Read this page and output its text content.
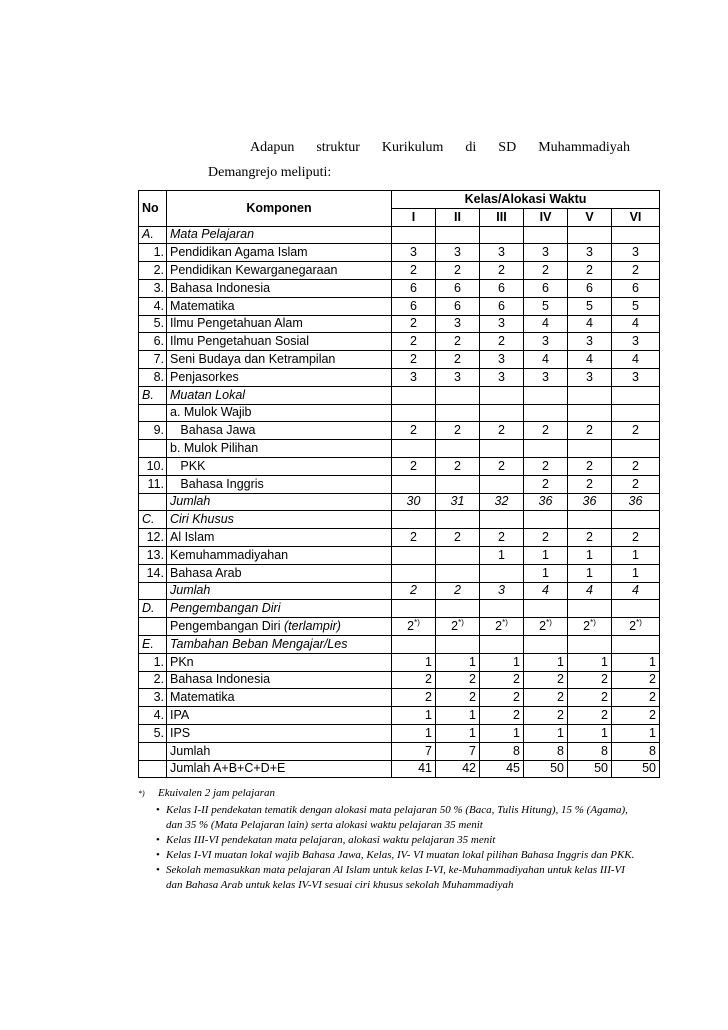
Adapun struktur Kurikulum di SD Muhammadiyah
Demangrejo meliputi:
No	Komponen	Kelas/Alokasi Waktu					
		I	II	III	IV	V	VI
A.	Mata Pelajaran						
1.	Pendidikan Agama Islam	3	3	3	3	3	3
2.	Pendidikan Kewarganegaraan	2	2	2	2	2	2
3.	Bahasa Indonesia	6	6	6	6	6	6
4.	Matematika	6	6	6	5	5	5
5.	Ilmu Pengetahuan Alam	2	3	3	4	4	4
6.	Ilmu Pengetahuan Sosial	2	2	2	3	3	3
7.	Seni Budaya dan Ketrampilan	2	2	3	4	4	4
8.	Penjasorkes	3	3	3	3	3	3
B.	Muatan Lokal						
	a. Mulok Wajib						
9.	Bahasa Jawa	2	2	2	2	2	2
	b. Mulok Pilihan						
10.	PKK	2	2	2	2	2	2
11.	Bahasa Inggris				2	2	2
	Jumlah	30	31	32	36	36	36
C.	Ciri Khusus						
12.	Al Islam	2	2	2	2	2	2
13.	Kemuhammadiyahan			1	1	1	1
14.	Bahasa Arab				1	1	1
	Jumlah	2	2	3	4	4	4
D.	Pengembangan Diri						
	Pengembangan Diri (terlampir)	2*)	2*)	2*)	2*)	2*)	2*)
E.	Tambahan Beban Mengajar/Les						
1.	PKn	1	1	1	1	1	1
2.	Bahasa Indonesia	2	2	2	2	2	2
3.	Matematika	2	2	2	2	2	2
4.	IPA	1	1	2	2	2	2
5.	IPS	1	1	1	1	1	1
	Jumlah	7	7	8	8	8	8
	Jumlah A+B+C+D+E	41	42	45	50	50	50
*) Ekuivalen 2 jam pelajaran
• Kelas I-II pendekatan tematik dengan alokasi mata pelajaran 50 % (Baca, Tulis Hitung), 15 % (Agama), dan 35 % (Mata Pelajaran lain) serta alokasi waktu pelajaran 35 menit
• Kelas III-VI pendekatan mata pelajaran, alokasi waktu pelajaran 35 menit
• Kelas I-VI muatan lokal wajib Bahasa Jawa, Kelas, IV- VI muatan lokal pilihan Bahasa Inggris dan PKK.
• Sekolah memasukkan mata pelajaran Al Islam untuk kelas I-VI, ke-Muhammadiyahan untuk kelas III-VI dan Bahasa Arab untuk kelas IV-VI sesuai ciri khusus sekolah Muhammadiyah
